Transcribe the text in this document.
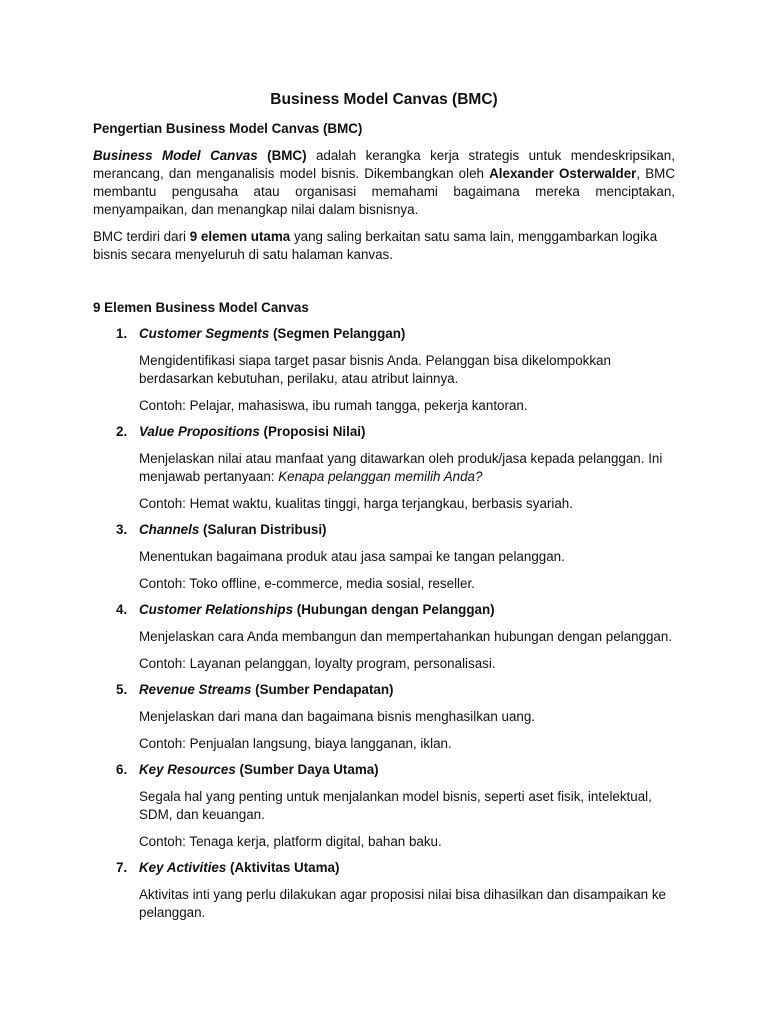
Business Model Canvas (BMC)

Pengertian Business Model Canvas (BMC)

Business Model Canvas (BMC) adalah kerangka kerja strategis untuk mendeskripsikan, merancang, dan menganalisis model bisnis. Dikembangkan oleh Alexander Osterwalder, BMC membantu pengusaha atau organisasi memahami bagaimana mereka menciptakan, menyampaikan, dan menangkap nilai dalam bisnisnya.

BMC terdiri dari 9 elemen utama yang saling berkaitan satu sama lain, menggambarkan logika bisnis secara menyeluruh di satu halaman kanvas.

9 Elemen Business Model Canvas

1. Customer Segments (Segmen Pelanggan)

Mengidentifikasi siapa target pasar bisnis Anda. Pelanggan bisa dikelompokkan berdasarkan kebutuhan, perilaku, atau atribut lainnya.

Contoh: Pelajar, mahasiswa, ibu rumah tangga, pekerja kantoran.

2. Value Propositions (Proposisi Nilai)

Menjelaskan nilai atau manfaat yang ditawarkan oleh produk/jasa kepada pelanggan. Ini menjawab pertanyaan: Kenapa pelanggan memilih Anda?

Contoh: Hemat waktu, kualitas tinggi, harga terjangkau, berbasis syariah.

3. Channels (Saluran Distribusi)

Menentukan bagaimana produk atau jasa sampai ke tangan pelanggan.

Contoh: Toko offline, e-commerce, media sosial, reseller.

4. Customer Relationships (Hubungan dengan Pelanggan)

Menjelaskan cara Anda membangun dan mempertahankan hubungan dengan pelanggan.

Contoh: Layanan pelanggan, loyalty program, personalisasi.

5. Revenue Streams (Sumber Pendapatan)

Menjelaskan dari mana dan bagaimana bisnis menghasilkan uang.

Contoh: Penjualan langsung, biaya langganan, iklan.

6. Key Resources (Sumber Daya Utama)

Segala hal yang penting untuk menjalankan model bisnis, seperti aset fisik, intelektual, SDM, dan keuangan.

Contoh: Tenaga kerja, platform digital, bahan baku.

7. Key Activities (Aktivitas Utama)

Aktivitas inti yang perlu dilakukan agar proposisi nilai bisa dihasilkan dan disampaikan ke pelanggan.
